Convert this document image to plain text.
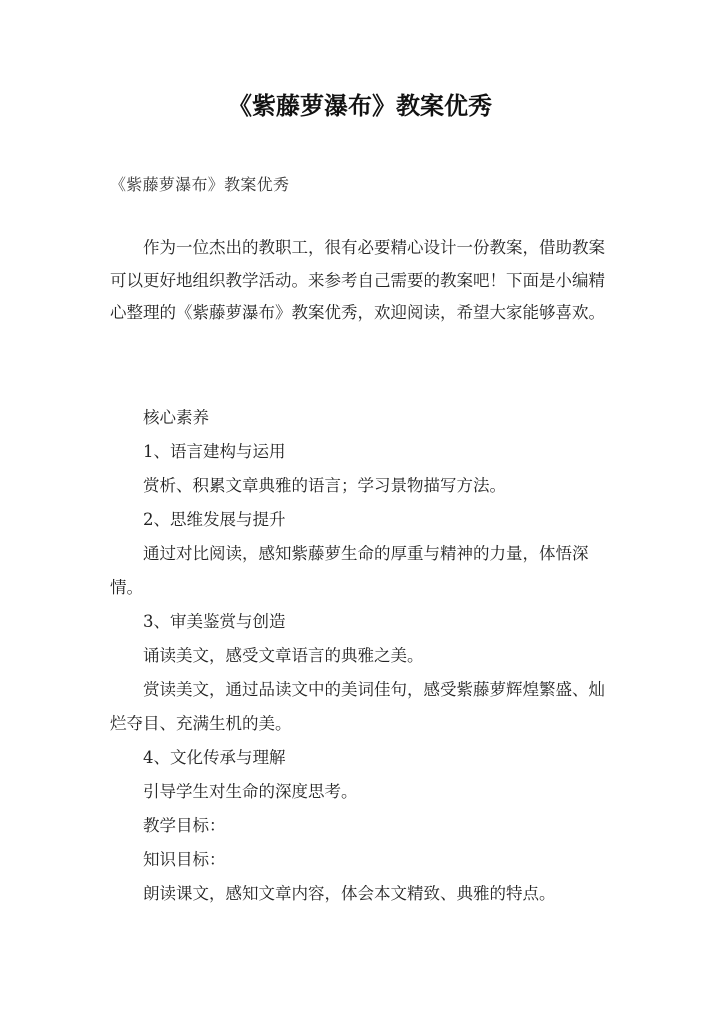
《紫藤萝瀑布》教案优秀
《紫藤萝瀑布》教案优秀

作为一位杰出的教职工，很有必要精心设计一份教案，借助教案可以更好地组织教学活动。来参考自己需要的教案吧！下面是小编精心整理的《紫藤萝瀑布》教案优秀，欢迎阅读，希望大家能够喜欢。

核心素养

1、语言建构与运用

赏析、积累文章典雅的语言；学习景物描写方法。

2、思维发展与提升

通过对比阅读，感知紫藤萝生命的厚重与精神的力量，体悟深情。

3、审美鉴赏与创造

诵读美文，感受文章语言的典雅之美。

赏读美文，通过品读文中的美词佳句，感受紫藤萝辉煌繁盛、灿烂夺目、充满生机的美。

4、文化传承与理解

引导学生对生命的深度思考。

教学目标：

知识目标：

朗读课文，感知文章内容，体会本文精致、典雅的特点。
